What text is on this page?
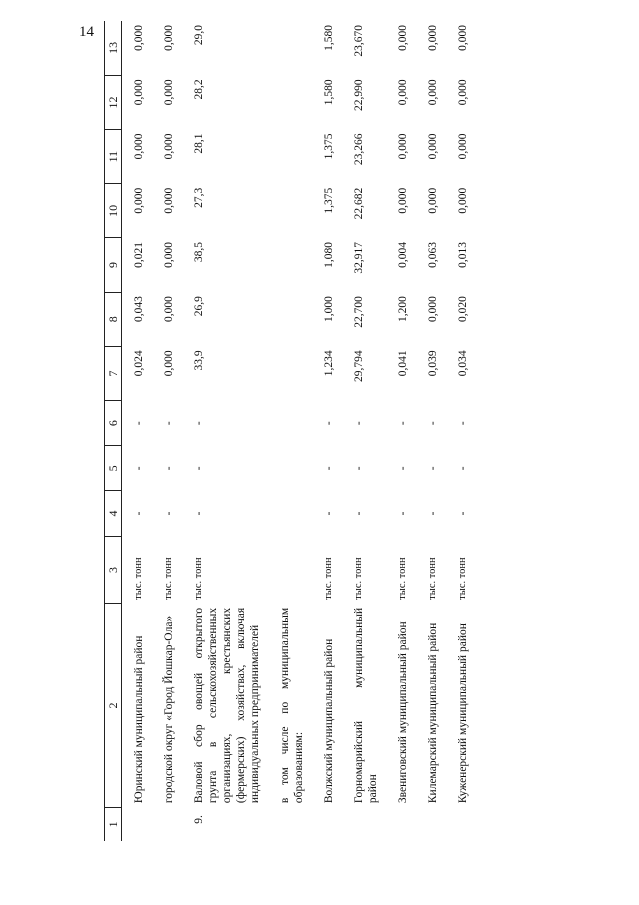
14
1	2	3	4	5	6	7	8	9	10	11	12	13
	Юринский муниципальный район	тыс. тонн	-	-	-	0,024	0,043	0,021	0,000	0,000	0,000	0,000
	городской округ «Город Йошкар-Ола»	тыс. тонн	-	-	-	0,000	0,000	0,000	0,000	0,000	0,000	0,000
9.	Валовой сбор овощей открытого грунта в сельскохозяйственных организациях, крестьянских (фермерских) хозяйствах, включая индивидуальных предпринимателей	тыс. тонн	-	-	-	33,9	26,9	38,5	27,3	28,1	28,2	29,0
	в том числе по муниципальным образованиям:											
	Волжский муниципальный район	тыс. тонн	-	-	-	1,234	1,000	1,080	1,375	1,375	1,580	1,580
	Горномарийский муниципальный район	тыс. тонн	-	-	-	29,794	22,700	32,917	22,682	23,266	22,990	23,670
	Звениговский муниципальный район	тыс. тонн	-	-	-	0,041	1,200	0,004	0,000	0,000	0,000	0,000
	Килемарский муниципальный район	тыс. тонн	-	-	-	0,039	0,000	0,063	0,000	0,000	0,000	0,000
	Куженерский муниципальный район	тыс. тонн	-	-	-	0,034	0,020	0,013	0,000	0,000	0,000	0,000
